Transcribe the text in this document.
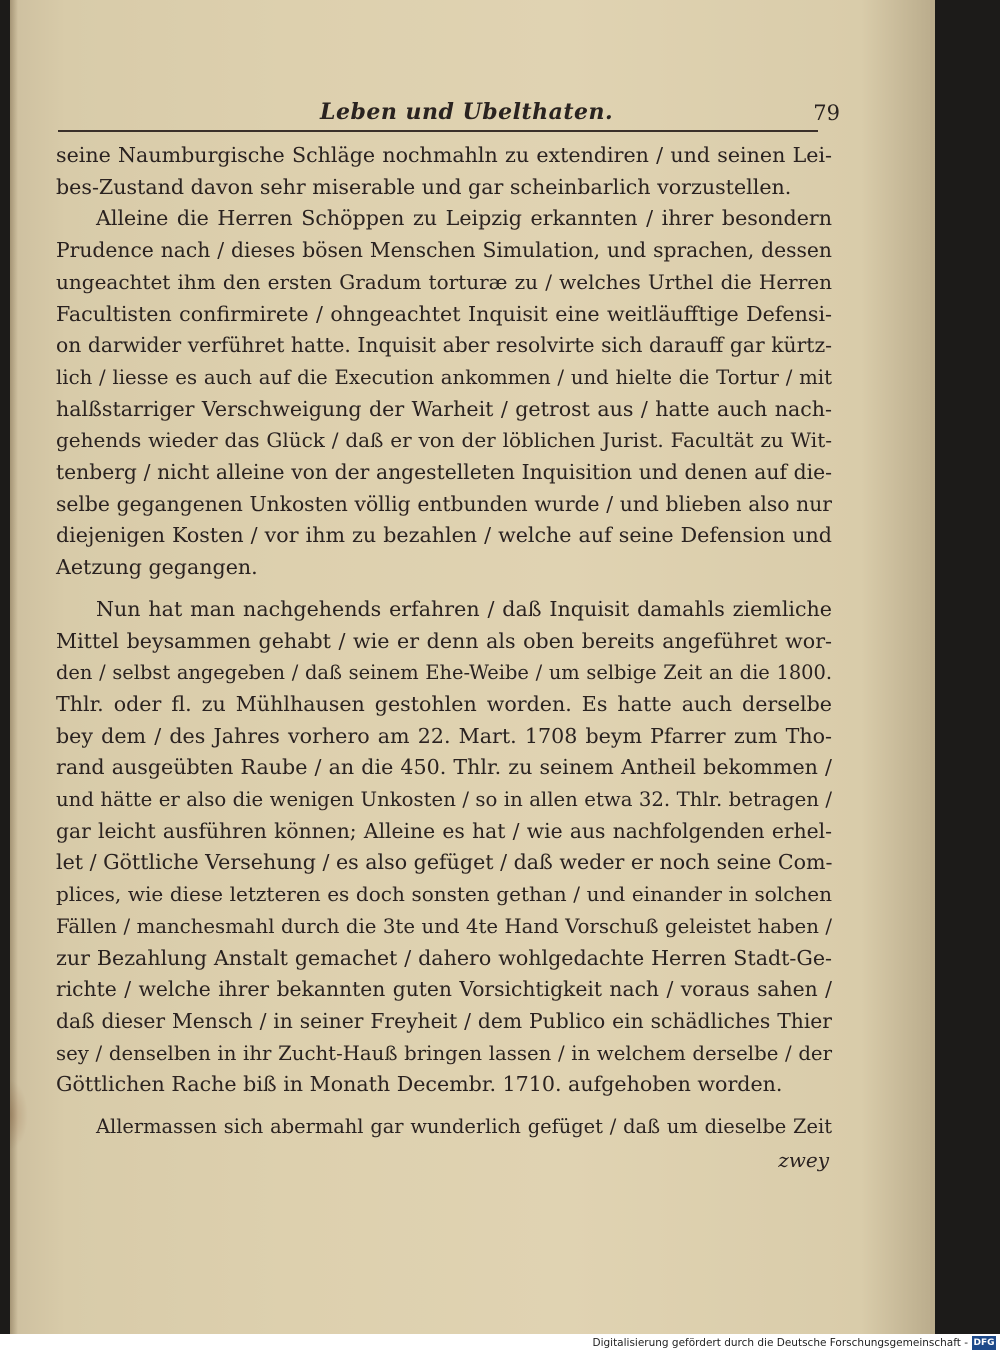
Leben und Ubelthaten.	79
seine Naumburgische Schläge nochmahln zu extendiren / und seinen Lei-
bes-Zustand davon sehr miserable und gar scheinbarlich vorzustellen.
Alleine die Herren Schöppen zu Leipzig erkannten / ihrer besondern
Prudence nach / dieses bösen Menschen Simulation, und sprachen, dessen
ungeachtet ihm den ersten Gradum torturæ zu / welches Urthel die Herren
Facultisten confirmirete / ohngeachtet Inquisit eine weitläufftige Defensi-
on darwider verführet hatte. Inquisit aber resolvirte sich darauff gar kürtz-
lich / liesse es auch auf die Execution ankommen / und hielte die Tortur / mit
halßstarriger Verschweigung der Warheit / getrost aus / hatte auch nach-
gehends wieder das Glück / daß er von der löblichen Jurist. Facultät zu Wit-
tenberg / nicht alleine von der angestelleten Inquisition und denen auf die-
selbe gegangenen Unkosten völlig entbunden wurde / und blieben also nur
diejenigen Kosten / vor ihm zu bezahlen / welche auf seine Defension und
Aetzung gegangen.
Nun hat man nachgehends erfahren / daß Inquisit damahls ziemliche
Mittel beysammen gehabt / wie er denn als oben bereits angeführet wor-
den / selbst angegeben / daß seinem Ehe-Weibe / um selbige Zeit an die 1800.
Thlr. oder fl. zu Mühlhausen gestohlen worden. Es hatte auch derselbe
bey dem / des Jahres vorhero am 22. Mart. 1708 beym Pfarrer zum Tho-
rand ausgeübten Raube / an die 450. Thlr. zu seinem Antheil bekommen /
und hätte er also die wenigen Unkosten / so in allen etwa 32. Thlr. betragen /
gar leicht ausführen können; Alleine es hat / wie aus nachfolgenden erhel-
let / Göttliche Versehung / es also gefüget / daß weder er noch seine Com-
plices, wie diese letzteren es doch sonsten gethan / und einander in solchen
Fällen / manchesmahl durch die 3te und 4te Hand Vorschuß geleistet haben /
zur Bezahlung Anstalt gemachet / dahero wohlgedachte Herren Stadt-Ge-
richte / welche ihrer bekannten guten Vorsichtigkeit nach / voraus sahen /
daß dieser Mensch / in seiner Freyheit / dem Publico ein schädliches Thier
sey / denselben in ihr Zucht-Hauß bringen lassen / in welchem derselbe / der
Göttlichen Rache biß in Monath Decembr. 1710. aufgehoben worden.
Allermassen sich abermahl gar wunderlich gefüget / daß um dieselbe Zeit
zwey
Digitalisierung gefördert durch die Deutsche Forschungsgemeinschaft - DFG
